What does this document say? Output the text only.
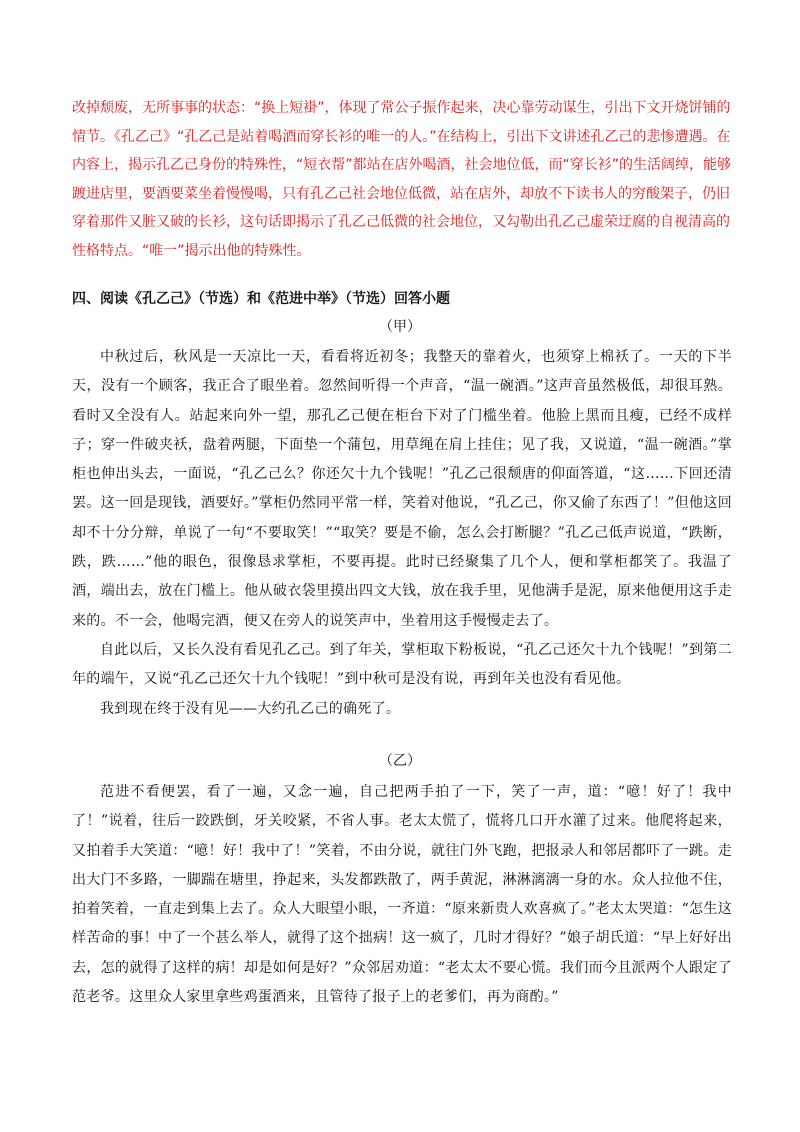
改掉颓废，无所事事的状态：“换上短褂”，体现了常公子振作起来，决心靠劳动谋生，引出下文开烧饼铺的情节。《孔乙己》“孔乙己是站着喝酒而穿长衫的唯一的人。”在结构上，引出下文讲述孔乙己的悲惨遭遇。在内容上，揭示孔乙己身份的特殊性，“短衣帮”都站在店外喝酒，社会地位低，而“穿长衫”的生活阔绰，能够踱进店里，要酒要菜坐着慢慢喝，只有孔乙己社会地位低微，站在店外，却放不下读书人的穷酸架子，仍旧穿着那件又脏又破的长衫，这句话即揭示了孔乙己低微的社会地位，又勾勒出孔乙己虚荣迂腐的自视清高的性格特点。“唯一”揭示出他的特殊性。

四、阅读《孔乙己》（节选）和《范进中举》（节选）回答小题

（甲）

中秋过后，秋风是一天凉比一天，看看将近初冬；我整天的靠着火，也须穿上棉袄了。一天的下半天，没有一个顾客，我正合了眼坐着。忽然间听得一个声音，“温一碗酒。”这声音虽然极低，却很耳熟。看时又全没有人。站起来向外一望，那孔乙己便在柜台下对了门槛坐着。他脸上黑而且瘦，已经不成样子；穿一件破夹袄，盘着两腿，下面垫一个蒲包，用草绳在肩上挂住；见了我，又说道，“温一碗酒。”掌柜也伸出头去，一面说，“孔乙己么？你还欠十九个钱呢！”孔乙己很颓唐的仰面答道，“这……下回还清罢。这一回是现钱，酒要好。”掌柜仍然同平常一样，笑着对他说，“孔乙己，你又偷了东西了！”但他这回却不十分分辩，单说了一句“不要取笑！”“取笑？要是不偷，怎么会打断腿？”孔乙己低声说道，“跌断，跌，跌……”他的眼色，很像恳求掌柜，不要再提。此时已经聚集了几个人，便和掌柜都笑了。我温了酒，端出去，放在门槛上。他从破衣袋里摸出四文大钱，放在我手里，见他满手是泥，原来他便用这手走来的。不一会，他喝完酒，便又在旁人的说笑声中，坐着用这手慢慢走去了。

自此以后，又长久没有看见孔乙己。到了年关，掌柜取下粉板说，“孔乙己还欠十九个钱呢！”到第二年的端午，又说“孔乙己还欠十九个钱呢！”到中秋可是没有说，再到年关也没有看见他。

我到现在终于没有见——大约孔乙己的确死了。

（乙）

范进不看便罢，看了一遍，又念一遍，自己把两手拍了一下，笑了一声，道：“噫！好了！我中了！”说着，往后一跤跌倒，牙关咬紧，不省人事。老太太慌了，慌将几口开水灌了过来。他爬将起来，又拍着手大笑道：“噫！好！我中了！”笑着，不由分说，就往门外飞跑，把报录人和邻居都吓了一跳。走出大门不多路，一脚踹在塘里，挣起来，头发都跌散了，两手黄泥，淋淋漓漓一身的水。众人拉他不住，拍着笑着，一直走到集上去了。众人大眼望小眼，一齐道：“原来新贵人欢喜疯了。”老太太哭道：“怎生这样苦命的事！中了一个甚么举人，就得了这个拙病！这一疯了，几时才得好？”娘子胡氏道：“早上好好出去，怎的就得了这样的病！却是如何是好？”众邻居劝道：“老太太不要心慌。我们而今且派两个人跟定了范老爷。这里众人家里拿些鸡蛋酒来，且管待了报子上的老爹们，再为商酌。”
